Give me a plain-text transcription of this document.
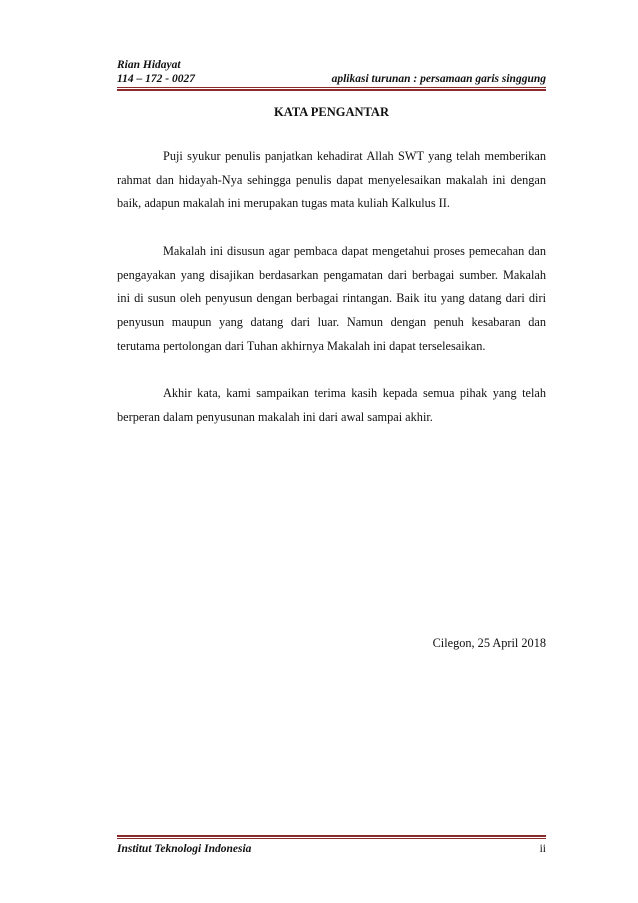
Rian Hidayat
114 – 172 - 0027	aplikasi turunan : persamaan garis singgung
KATA PENGANTAR

Puji syukur penulis panjatkan kehadirat Allah SWT yang telah memberikan rahmat dan hidayah-Nya sehingga penulis dapat menyelesaikan makalah ini dengan baik, adapun makalah ini merupakan tugas mata kuliah Kalkulus II.

Makalah ini disusun agar pembaca dapat mengetahui proses pemecahan dan pengayakan yang disajikan berdasarkan pengamatan dari berbagai sumber. Makalah ini di susun oleh penyusun dengan berbagai rintangan. Baik itu yang datang dari diri penyusun maupun yang datang dari luar. Namun dengan penuh kesabaran dan terutama pertolongan dari Tuhan akhirnya Makalah ini dapat terselesaikan.

Akhir kata, kami sampaikan terima kasih kepada semua pihak yang telah berperan dalam penyusunan makalah ini dari awal sampai akhir.

Cilegon, 25 April 2018
Institut Teknologi Indonesia	ii
